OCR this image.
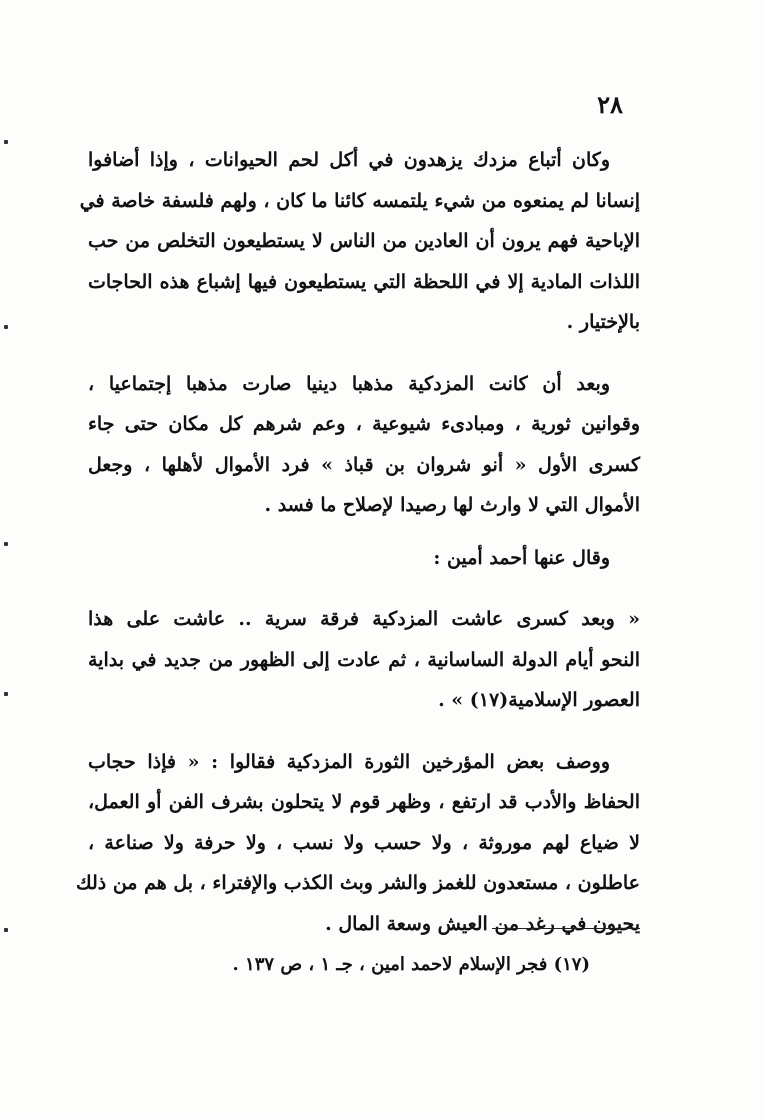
٢٨

وكان أتباع مزدك يزهدون في أكل لحم الحيوانات ، وإذا أضافوا
إنسانا لم يمنعوه من شيء يلتمسه كائنا ما كان ، ولهم فلسفة خاصة في
الإباحية فهم يرون أن العادين من الناس لا يستطيعون التخلص من حب
اللذات المادية إلا في اللحظة التي يستطيعون فيها إشباع هذه الحاجات
بالإختيار .

وبعد أن كانت المزدكية مذهبا دينيا صارت مذهبا إجتماعيا ،
وقوانين ثورية ، ومبادىء شيوعية ، وعم شرهم كل مكان حتى جاء
كسرى الأول « أنو شروان بن قباذ » فرد الأموال لأهلها ، وجعل
الأموال التي لا وارث لها رصيدا لإصلاح ما فسد .

وقال عنها أحمد أمين :

« وبعد كسرى عاشت المزدكية فرقة سرية .. عاشت على هذا
النحو أيام الدولة الساسانية ، ثم عادت إلى الظهور من جديد في بداية
العصور الإسلامية(١٧) » .

ووصف بعض المؤرخين الثورة المزدكية فقالوا : « فإذا حجاب
الحفاظ والأدب قد ارتفع ، وظهر قوم لا يتحلون بشرف الفن أو العمل،
لا ضياع لهم موروثة ، ولا حسب ولا نسب ، ولا حرفة ولا صناعة ،
عاطلون ، مستعدون للغمز والشر وبث الكذب والإفتراء ، بل هم من ذلك
يحيون في رغد من العيش وسعة المال .

(١٧) فجر الإسلام لاحمد امين ، جـ ١ ، ص ١٣٧ .
